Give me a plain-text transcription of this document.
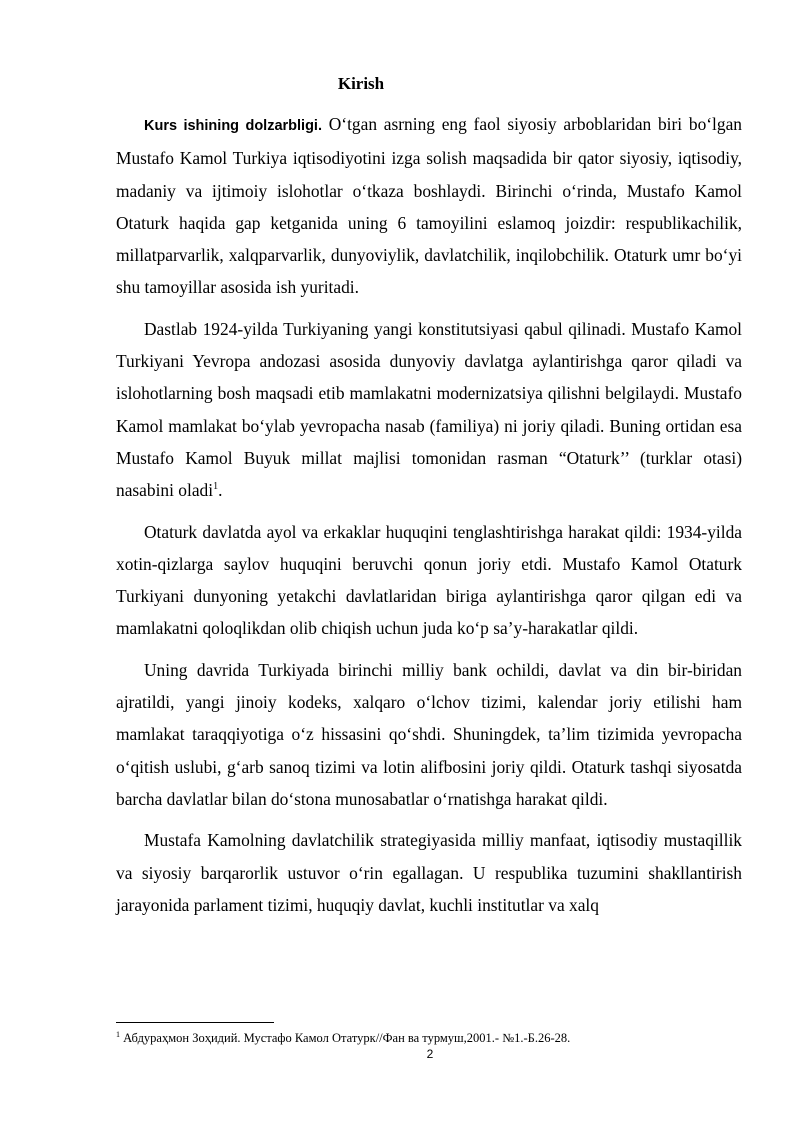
Kirish

Kurs ishining dolzarbligi. O‘tgan asrning eng faol siyosiy arboblaridan biri bo‘lgan Mustafo Kamol Turkiya iqtisodiyotini izga solish maqsadida bir qator siyosiy, iqtisodiy, madaniy va ijtimoiy islohotlar o‘tkaza boshlaydi. Birinchi o‘rinda, Mustafo Kamol Otaturk haqida gap ketganida uning 6 tamoyilini eslamoq joizdir: respublikachilik, millatparvarlik, xalqparvarlik, dunyoviylik, davlatchilik, inqilobchilik. Otaturk umr bo‘yi shu tamoyillar asosida ish yuritadi.

Dastlab 1924-yilda Turkiyaning yangi konstitutsiyasi qabul qilinadi. Mustafo Kamol Turkiyani Yevropa andozasi asosida dunyoviy davlatga aylantirishga qaror qiladi va islohotlarning bosh maqsadi etib mamlakatni modernizatsiya qilishni belgilaydi. Mustafo Kamol mamlakat bo‘ylab yevropacha nasab (familiya) ni joriy qiladi. Buning ortidan esa Mustafo Kamol Buyuk millat majlisi tomonidan rasman “Otaturk’’ (turklar otasi) nasabini oladi$^1$.

Otaturk davlatda ayol va erkaklar huquqini tenglashtirishga harakat qildi: 1934-yilda xotin-qizlarga saylov huquqini beruvchi qonun joriy etdi. Mustafo Kamol Otaturk Turkiyani dunyoning yetakchi davlatlaridan biriga aylantirishga qaror qilgan edi va mamlakatni qoloqlikdan olib chiqish uchun juda ko‘p sa’y-harakatlar qildi.

Uning davrida Turkiyada birinchi milliy bank ochildi, davlat va din bir-biridan ajratildi, yangi jinoiy kodeks, xalqaro o‘lchov tizimi, kalendar joriy etilishi ham mamlakat taraqqiyotiga o‘z hissasini qo‘shdi. Shuningdek, ta’lim tizimida yevropacha o‘qitish uslubi, g‘arb sanoq tizimi va lotin alifbosini joriy qildi. Otaturk tashqi siyosatda barcha davlatlar bilan do‘stona munosabatlar o‘rnatishga harakat qildi.

Mustafa Kamolning davlatchilik strategiyasida milliy manfaat, iqtisodiy mustaqillik va siyosiy barqarorlik ustuvor o‘rin egallagan. U respublika tuzumini shakllantirish jarayonida parlament tizimi, huquqiy davlat, kuchli institutlar va xalq

$^1$ Абдураҳмон Зоҳидий. Мустафо Камол Отатурк//Фан ва турмуш,2001.- №1.-Б.26-28.
2
